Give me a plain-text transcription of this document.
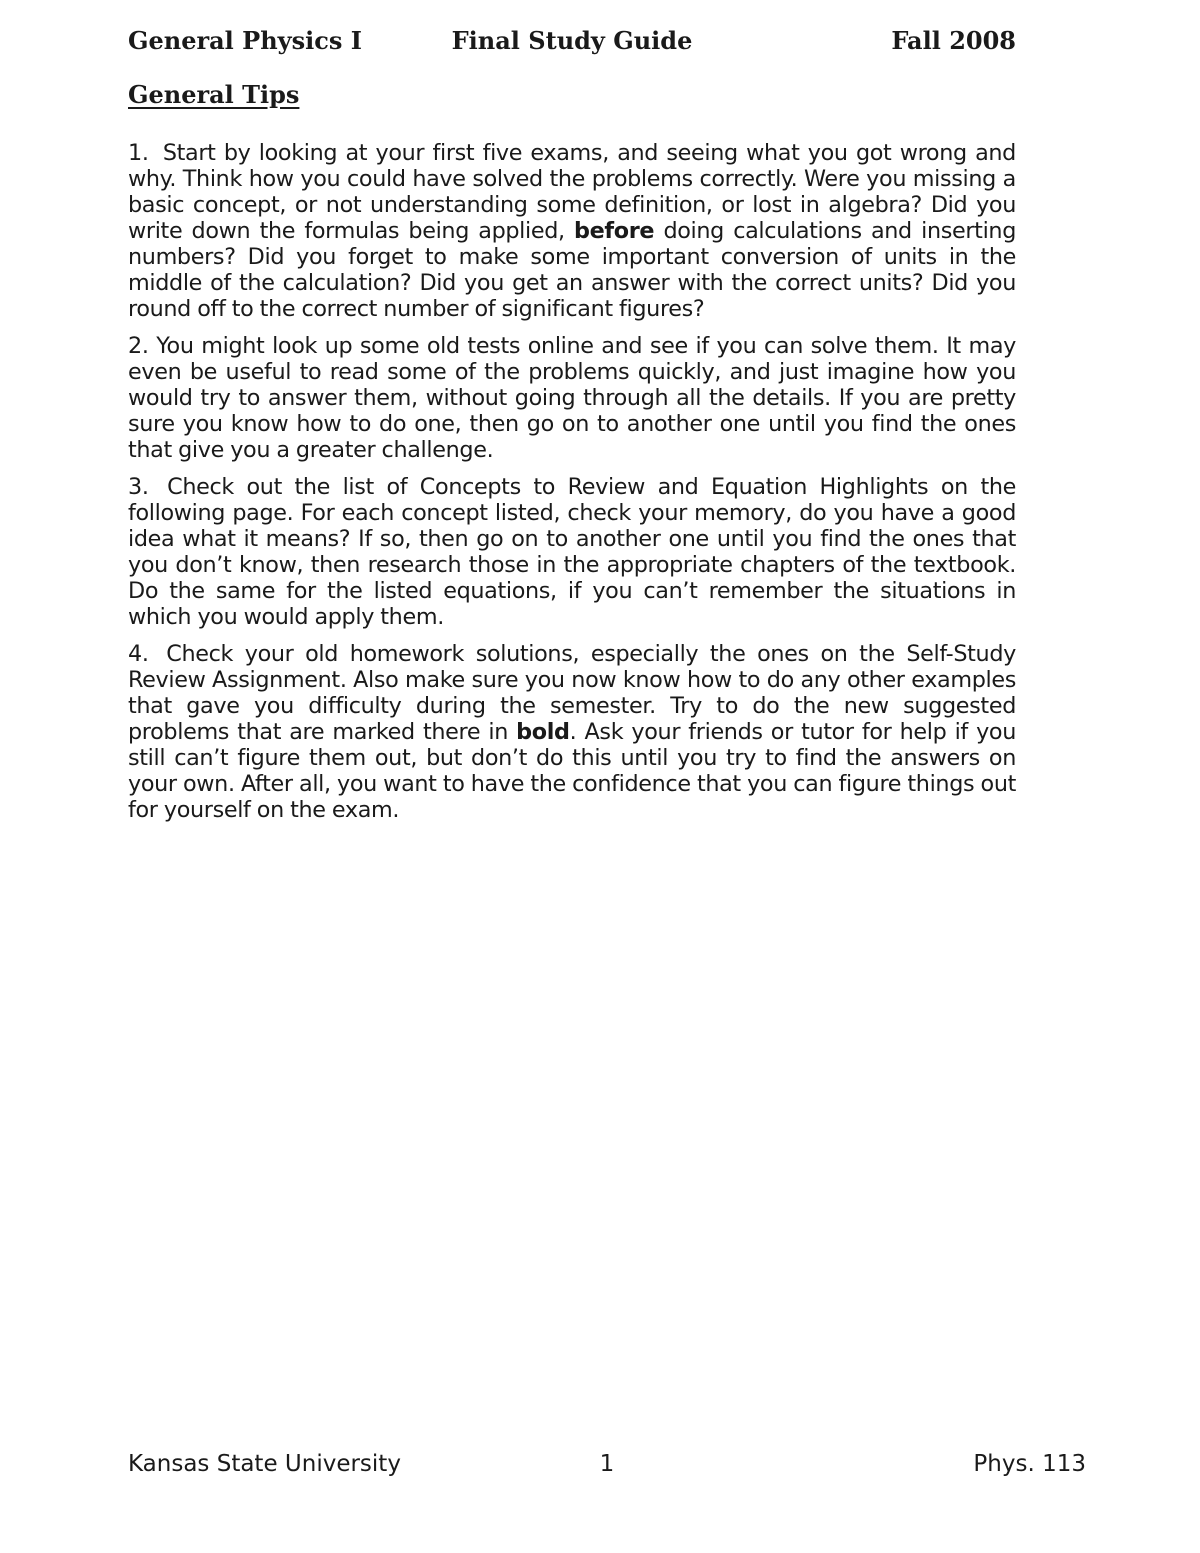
General Physics I	Final Study Guide	Fall 2008
General Tips

1. Start by looking at your first five exams, and seeing what you got wrong and why. Think how you could have solved the problems correctly. Were you missing a basic concept, or not understanding some definition, or lost in algebra? Did you write down the formulas being applied, before doing calculations and inserting numbers? Did you forget to make some important conversion of units in the middle of the calculation? Did you get an answer with the correct units? Did you round off to the correct number of significant figures?

2. You might look up some old tests online and see if you can solve them. It may even be useful to read some of the problems quickly, and just imagine how you would try to answer them, without going through all the details. If you are pretty sure you know how to do one, then go on to another one until you find the ones that give you a greater challenge.

3. Check out the list of Concepts to Review and Equation Highlights on the following page. For each concept listed, check your memory, do you have a good idea what it means? If so, then go on to another one until you find the ones that you don’t know, then research those in the appropriate chapters of the textbook. Do the same for the listed equations, if you can’t remember the situations in which you would apply them.

4. Check your old homework solutions, especially the ones on the Self-Study Review Assignment. Also make sure you now know how to do any other examples that gave you difficulty during the semester. Try to do the new suggested problems that are marked there in bold. Ask your friends or tutor for help if you still can’t figure them out, but don’t do this until you try to find the answers on your own. After all, you want to have the confidence that you can figure things out for yourself on the exam.

Kansas State University	1	Phys. 113
